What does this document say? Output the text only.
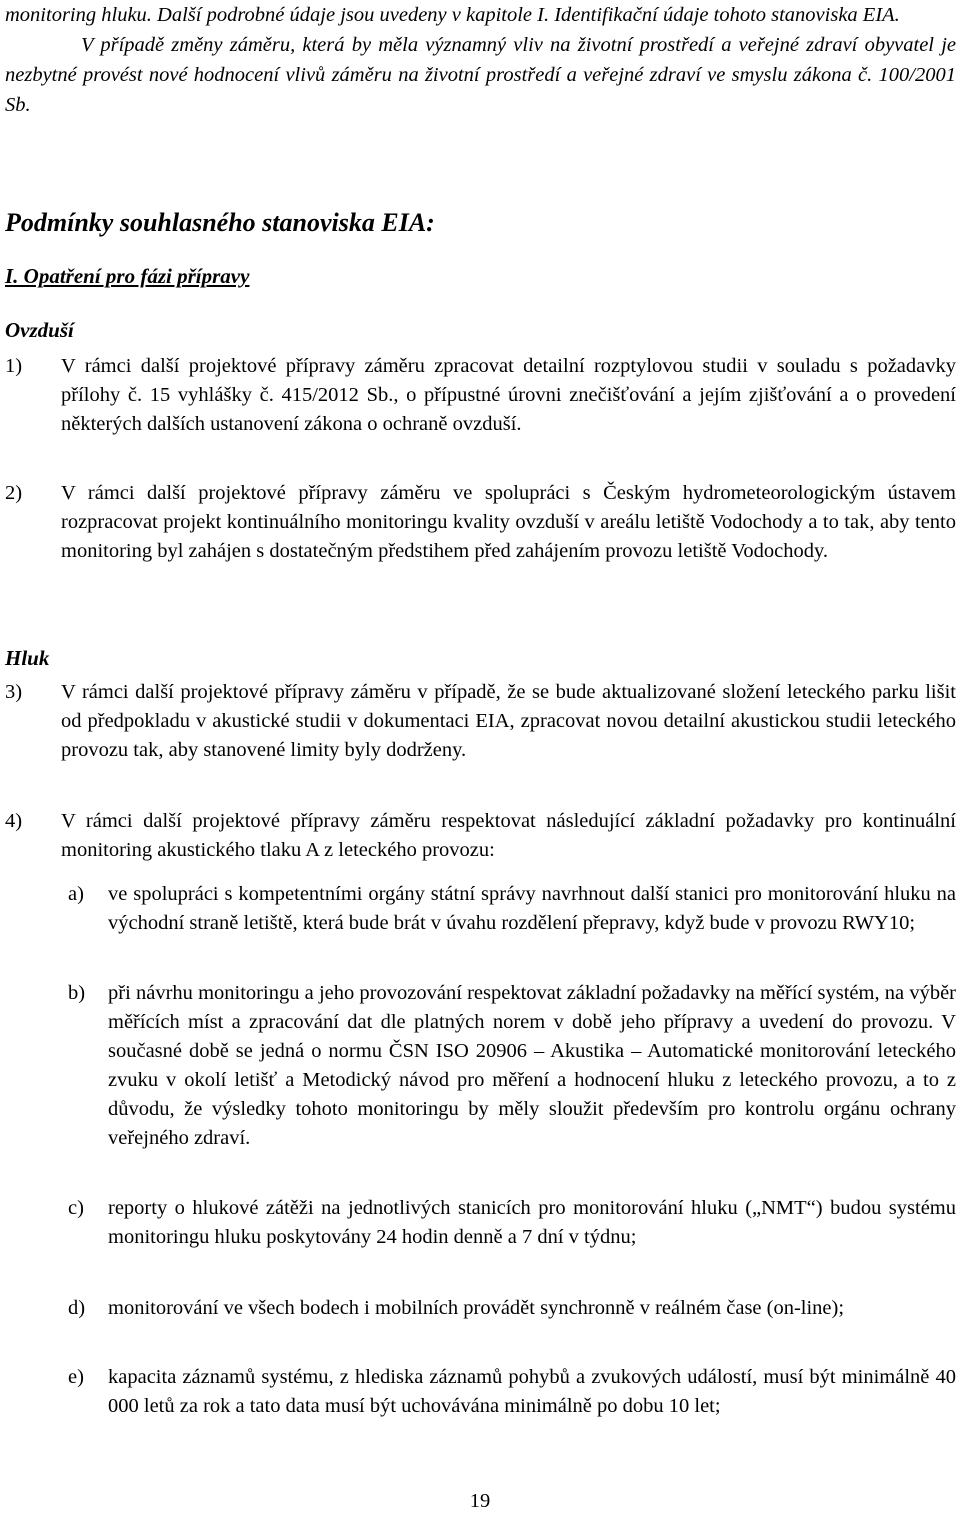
monitoring hluku. Další podrobné údaje jsou uvedeny v kapitole I. Identifikační údaje tohoto stanoviska EIA.

V případě změny záměru, která by měla významný vliv na životní prostředí a veřejné zdraví obyvatel je nezbytné provést nové hodnocení vlivů záměru na životní prostředí a veřejné zdraví ve smyslu zákona č. 100/2001 Sb.

Podmínky souhlasného stanoviska EIA:
I. Opatření pro fázi přípravy
Ovzduší
1) V rámci další projektové přípravy záměru zpracovat detailní rozptylovou studii v souladu s požadavky přílohy č. 15 vyhlášky č. 415/2012 Sb., o přípustné úrovni znečišťování a jejím zjišťování a o provedení některých dalších ustanovení zákona o ochraně ovzduší.
2) V rámci další projektové přípravy záměru ve spolupráci s Českým hydrometeorologickým ústavem rozpracovat projekt kontinuálního monitoringu kvality ovzduší v areálu letiště Vodochody a to tak, aby tento monitoring byl zahájen s dostatečným předstihem před zahájením provozu letiště Vodochody.
Hluk
3) V rámci další projektové přípravy záměru v případě, že se bude aktualizované složení leteckého parku lišit od předpokladu v akustické studii v dokumentaci EIA, zpracovat novou detailní akustickou studii leteckého provozu tak, aby stanovené limity byly dodrženy.
4) V rámci další projektové přípravy záměru respektovat následující základní požadavky pro kontinuální monitoring akustického tlaku A z leteckého provozu:
a) ve spolupráci s kompetentními orgány státní správy navrhnout další stanici pro monitorování hluku na východní straně letiště, která bude brát v úvahu rozdělení přepravy, když bude v provozu RWY10;
b) při návrhu monitoringu a jeho provozování respektovat základní požadavky na měřící systém, na výběr měřících míst a zpracování dat dle platných norem v době jeho přípravy a uvedení do provozu. V současné době se jedná o normu ČSN ISO 20906 – Akustika – Automatické monitorování leteckého zvuku v okolí letišť a Metodický návod pro měření a hodnocení hluku z leteckého provozu, a to z důvodu, že výsledky tohoto monitoringu by měly sloužit především pro kontrolu orgánu ochrany veřejného zdraví.
c) reporty o hlukové zátěži na jednotlivých stanicích pro monitorování hluku („NMT“) budou systému monitoringu hluku poskytovány 24 hodin denně a 7 dní v týdnu;
d) monitorování ve všech bodech i mobilních provádět synchronně v reálném čase (on-line);
e) kapacita záznamů systému, z hlediska záznamů pohybů a zvukových událostí, musí být minimálně 40 000 letů za rok a tato data musí být uchovávána minimálně po dobu 10 let;
19
